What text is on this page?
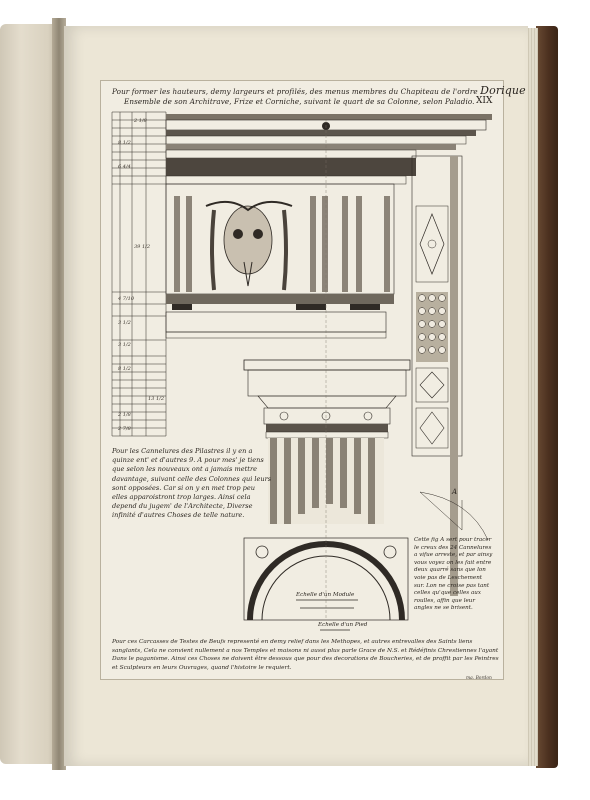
Pour former les hauteurs, demy largeurs et profilés, des menus membres du Chapiteau de l'ordre Dorique
Ensemble de son Architrave, Frize et Corniche, suivant le quart de sa Colonne, selon Paladio. XIX
2 1/8
8 1/2
6 4/4
39 1/2
4 7/10
3 1/2
3 1/2
8 1/2
13 1/2
2 1/8
2 7/8
Pour les Cannelures des Pilastres il y en a quinze ent' et d'autres 9. A pour mes' je tiens que selon les nouveaux ont a jamais mettre davantage, suivant celle des Colonnes qui leurs sont opposées. Car si on y en met trop peu elles apparoistront trop larges. Ainsi cela depend du jugem' de l'Architecte, Diverse infinité d'autres Choses de telle nature.
Cette fig A sert pour tracer le creux des 24 Cannelures a vifue arreste, et par ainsy vous voyez on les fait entre deux quarré sans que lon voie pas de Leschement sur. Lon ne croise pas tant celles qu'que celles aux roulles, affin que leur angles ne se brisent.
Echelle d'un Module
Echelle d'un Pied
A
Pour ces Carcasses de Testes de Beufs representé en demy relief dans les Methopes, et autres entrevalles des Saints liens sanglants, Cela ne convient nullement a nos Temples et maisons ni aussi plus parle Grace de N.S. et Rédéfinis Chrestiennes l'ayant Dans le paganisme. Ainsi ces Choses ne doivent être dessous que pour des decorations de Boucheries, et de proffit par les Peintres et Sculpteurs en leurs Ouvrages, quand l'histoire le requiert.
ma. Bordon
